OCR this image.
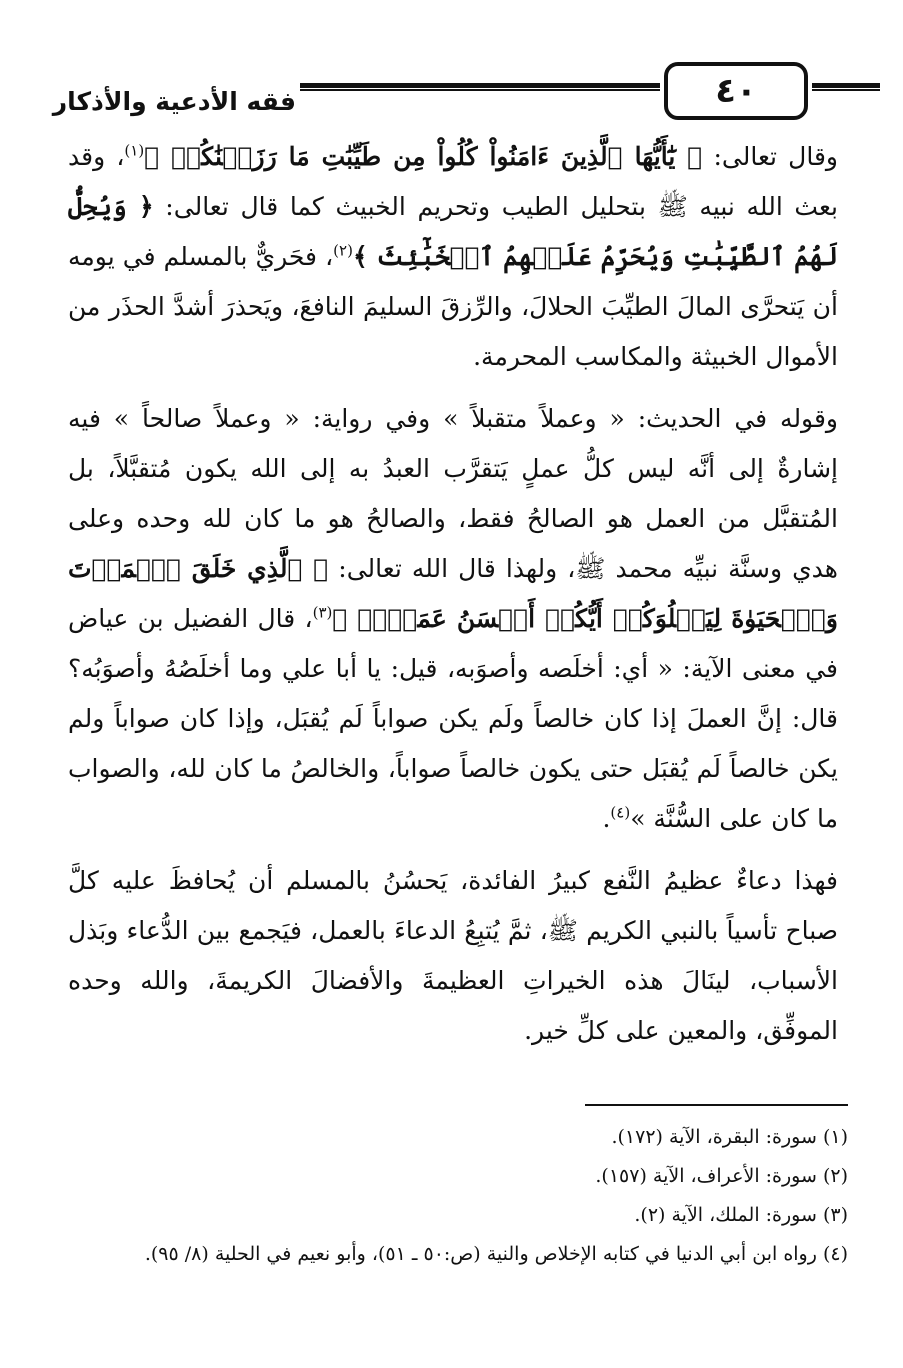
٤٠
فقه الأدعية والأذكار

وقال تعالى: ﴿ يَٰٓأَيُّهَا ٱلَّذِينَ ءَامَنُواْ كُلُواْ مِن طَيِّبَٰتِ مَا رَزَقۡنَٰكُمۡ ﴾$^{(١)}$، وقد بعث الله نبيه ﷺ بتحليل الطيب وتحريم الخبيث كما قال تعالى: ﴿ وَيُحِلُّ لَهُمُ ٱلطَّيِّبَٰتِ وَيُحَرِّمُ عَلَيۡهِمُ ٱلۡخَبَٰٓئِثَ ﴾$^{(٢)}$، فحَريٌّ بالمسلم في يومه أن يَتحرَّى المالَ الطيِّبَ الحلالَ، والرِّزقَ السليمَ النافعَ، ويَحذرَ أشدَّ الحذَر من الأموال الخبيثة والمكاسب المحرمة.

وقوله في الحديث: « وعملاً متقبلاً » وفي رواية: « وعملاً صالحاً » فيه إشارةٌ إلى أنَّه ليس كلُّ عملٍ يَتقرَّب العبدُ به إلى الله يكون مُتقبَّلاً، بل المُتقبَّل من العمل هو الصالحُ فقط، والصالحُ هو ما كان لله وحده وعلى هدي وسنَّة نبيِّه محمد ﷺ، ولهذا قال الله تعالى: ﴿ ٱلَّذِي خَلَقَ ٱلۡمَوۡتَ وَٱلۡحَيَوٰةَ لِيَبۡلُوَكُمۡ أَيُّكُمۡ أَحۡسَنُ عَمَلٗاۚ ﴾$^{(٣)}$، قال الفضيل بن عياض في معنى الآية: « أي: أخلَصه وأصوَبه، قيل: يا أبا علي وما أخلَصُهُ وأصوَبُه؟ قال: إنَّ العملَ إذا كان خالصاً ولَم يكن صواباً لَم يُقبَل، وإذا كان صواباً ولم يكن خالصاً لَم يُقبَل حتى يكون خالصاً صواباً، والخالصُ ما كان لله، والصواب ما كان على السُّنَّة »$^{(٤)}$.

فهذا دعاءٌ عظيمُ النَّفع كبيرُ الفائدة، يَحسُنُ بالمسلم أن يُحافظَ عليه كلَّ صباح تأسياً بالنبي الكريم ﷺ، ثمَّ يُتبِعُ الدعاءَ بالعمل، فيَجمع بين الدُّعاء وبَذل الأسباب، لينَالَ هذه الخيراتِ العظيمةَ والأفضالَ الكريمةَ، والله وحده الموفِّق، والمعين على كلِّ خير.

(١) سورة: البقرة، الآية (١٧٢).
(٢) سورة: الأعراف، الآية (١٥٧).
(٣) سورة: الملك، الآية (٢).
(٤) رواه ابن أبي الدنيا في كتابه الإخلاص والنية (ص:٥٠ ـ ٥١)، وأبو نعيم في الحلية (٨/ ٩٥).
